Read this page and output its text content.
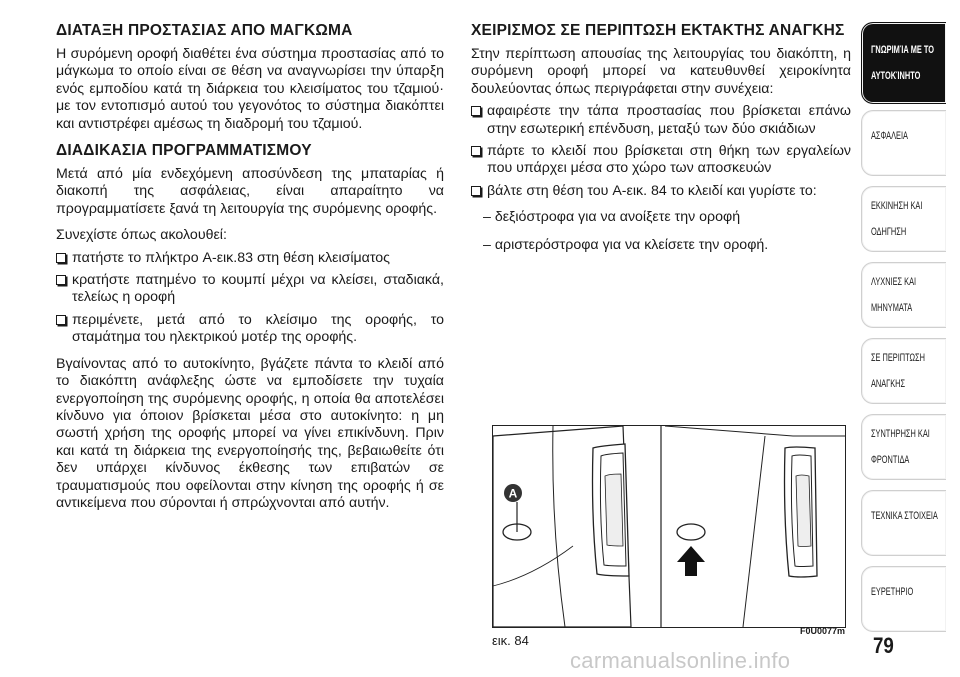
ΔΙΑΤΑΞΗ ΠΡΟΣΤΑΣΙΑΣ ΑΠΟ ΜΑΓΚΩΜΑ

Η συρόμενη οροφή διαθέτει ένα σύστημα προστασίας από το μάγκωμα το οποίο είναι σε θέση να αναγνωρίσει την ύπαρξη ενός εμποδίου κατά τη διάρκεια του κλεισίματος του τζαμιού· με τον εντοπισμό αυτού του γεγονότος το σύστημα διακόπτει και αντιστρέφει αμέσως τη διαδρομή του τζαμιού.

ΔΙΑΔΙΚΑΣΙΑ ΠΡΟΓΡΑΜΜΑΤΙΣΜΟΥ

Μετά από μία ενδεχόμενη αποσύνδεση της μπαταρίας ή διακοπή της ασφάλειας, είναι απαραίτητο να προγραμματίσετε ξανά τη λειτουργία της συρόμενης οροφής.

Συνεχίστε όπως ακολουθεί:

πατήστε το πλήκτρο A-εικ.83 στη θέση κλεισίματος
κρατήστε πατημένο το κουμπί μέχρι να κλείσει, σταδιακά, τελείως η οροφή
περιμένετε, μετά από το κλείσιμο της οροφής, το σταμάτημα του ηλεκτρικού μοτέρ της οροφής.

Βγαίνοντας από το αυτοκίνητο, βγάζετε πάντα το κλειδί από το διακόπτη ανάφλεξης ώστε να εμποδίσετε την τυχαία ενεργοποίηση της συρόμενης οροφής, η οποία θα αποτελέσει κίνδυνο για όποιον βρίσκεται μέσα στο αυτοκίνητο: η μη σωστή χρήση της οροφής μπορεί να γίνει επικίνδυνη. Πριν και κατά τη διάρκεια της ενεργοποίησής της, βεβαιωθείτε ότι δεν υπάρχει κίνδυνος έκθεσης των επιβατών σε τραυματισμούς που οφείλονται στην κίνηση της οροφής ή σε αντικείμενα που σύρονται ή σπρώχνονται από αυτήν.

ΧΕΙΡΙΣΜΟΣ ΣΕ ΠΕΡΙΠΤΩΣΗ ΕΚΤΑΚΤΗΣ ΑΝΑΓΚΗΣ

Στην περίπτωση απουσίας της λειτουργίας του διακόπτη, η συρόμενη οροφή μπορεί να κατευθυνθεί χειροκίνητα δουλεύοντας όπως περιγράφεται στην συνέχεια:

αφαιρέστε την τάπα προστασίας που βρίσκεται επάνω στην εσωτερική επένδυση, μεταξύ των δύο σκιάδιων
πάρτε το κλειδί που βρίσκεται στη θήκη των εργαλείων που υπάρχει μέσα στο χώρο των αποσκευών
βάλτε στη θέση του A-εικ. 84 το κλειδί και γυρίστε το:
– δεξιόστροφα για να ανοίξετε την οροφή
– αριστερόστροφα για να κλείσετε την οροφή.
A
F0U0077m
εικ. 84
ΓΝΩΡΙΜΊΑ ΜΕ ΤΟ

ΑΥΤΟΚΊΝΗΤΟ
ΑΣΦΑΛΕΙΑ

ΕΚΚΙΝΗΣΗ ΚΑΙ

ΟΔΗΓΗΣΗ
ΛΥΧΝΙΕΣ ΚΑΙ

ΜΗΝΥΜΑΤΑ
ΣΕ ΠΕΡΙΠΤΩΣΗ

ΑΝΑΓΚΗΣ
ΣΥΝΤΗΡΗΣΗ ΚΑΙ

ΦΡΟΝΤΙΔΑ
ΤΕΧΝΙΚΑ ΣΤΟΙΧΕΙΑ

ΕΥΡΕΤΗΡΙΟ

79
carmanualsonline.info
